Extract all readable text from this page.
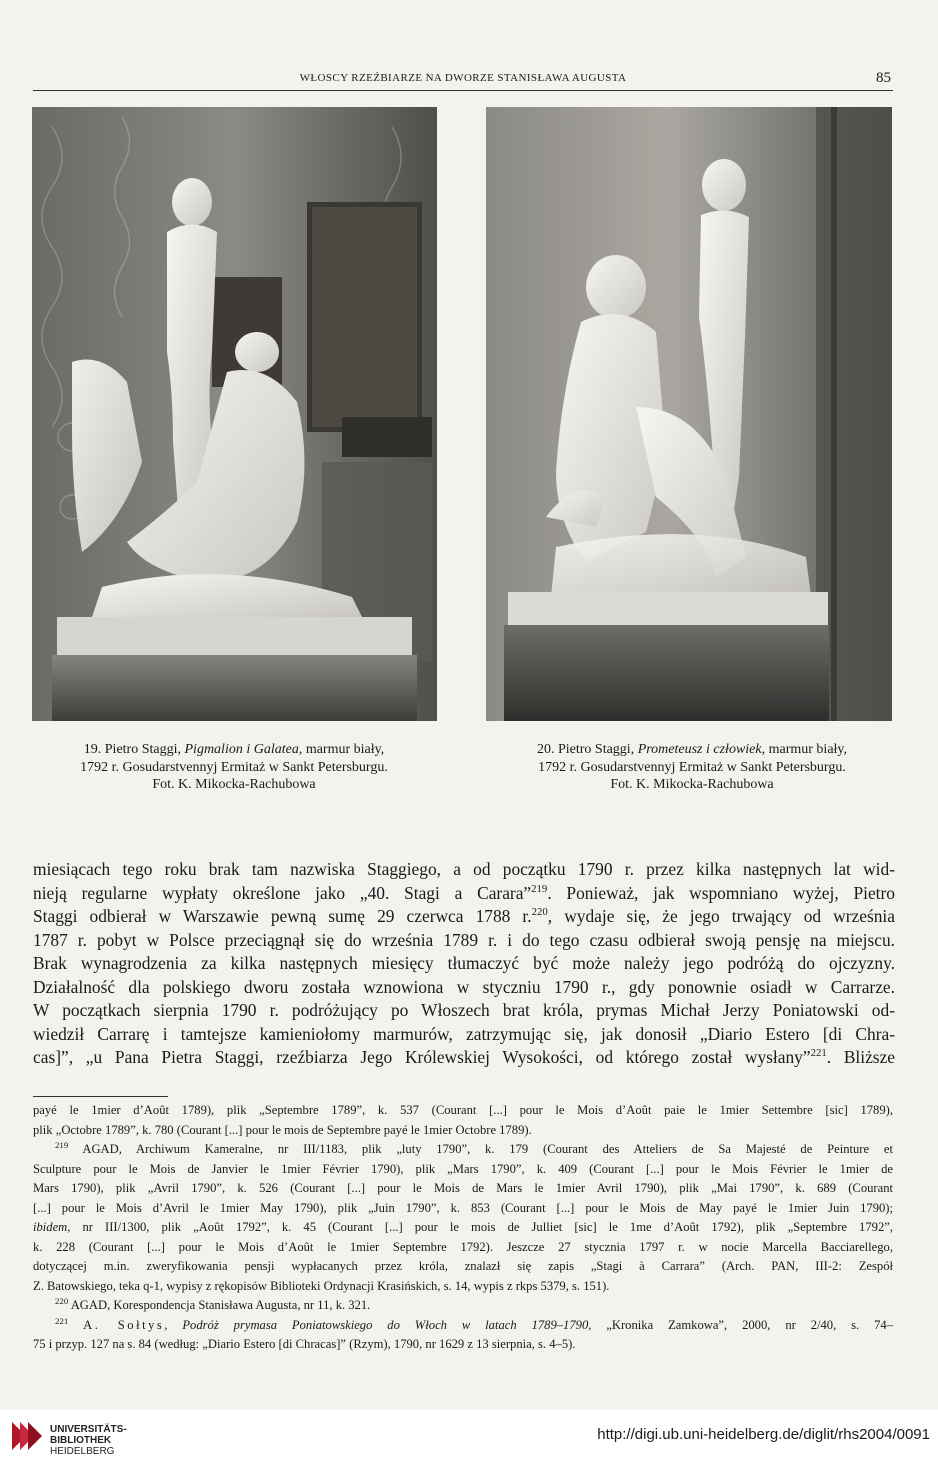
WŁOSCY RZEŹBIARZE NA DWORZE STANISŁAWA AUGUSTA	85
19. Pietro Staggi, Pigmalion i Galatea, marmur biały,
1792 r. Gosudarstvennyj Ermitaż w Sankt Petersburgu.
Fot. K. Mikocka-Rachubowa
20. Pietro Staggi, Prometeusz i człowiek, marmur biały,
1792 r. Gosudarstvennyj Ermitaż w Sankt Petersburgu.
Fot. K. Mikocka-Rachubowa
miesiącach tego roku brak tam nazwiska Staggiego, a od początku 1790 r. przez kilka następnych lat wid-
nieją regularne wypłaty określone jako „40. Stagi a Carara”$^{219}$. Ponieważ, jak wspomniano wyżej, Pietro
Staggi odbierał w Warszawie pewną sumę 29 czerwca 1788 r.$^{220}$, wydaje się, że jego trwający od września
1787 r. pobyt w Polsce przeciągnął się do września 1789 r. i do tego czasu odbierał swoją pensję na miejscu.
Brak wynagrodzenia za kilka następnych miesięcy tłumaczyć być może należy jego podróżą do ojczyzny.
Działalność dla polskiego dworu została wznowiona w styczniu 1790 r., gdy ponownie osiadł w Carrarze.
W początkach sierpnia 1790 r. podróżujący po Włoszech brat króla, prymas Michał Jerzy Poniatowski od-
wiedził Carrarę i tamtejsze kamieniołomy marmurów, zatrzymując się, jak donosił „Diario Estero [di Chra-
cas]”, „u Pana Pietra Staggi, rzeźbiarza Jego Królewskiej Wysokości, od którego został wysłany”$^{221}$. Bliższe
payé le 1mier d’Août 1789), plik „Septembre 1789”, k. 537 (Courant [...] pour le Mois d’Août paie le 1mier Settembre [sic] 1789),
plik „Octobre 1789”, k. 780 (Courant [...] pour le mois de Septembre payé le 1mier Octobre 1789).
$^{219}$ AGAD, Archiwum Kameralne, nr III/1183, plik „luty 1790”, k. 179 (Courant des Atteliers de Sa Majesté de Peinture et
Sculpture pour le Mois de Janvier le 1mier Février 1790), plik „Mars 1790”, k. 409 (Courant [...] pour le Mois Février le 1mier de
Mars 1790), plik „Avril 1790”, k. 526 (Courant [...] pour le Mois de Mars le 1mier Avril 1790), plik „Mai 1790”, k. 689 (Courant
[...] pour le Mois d’Avril le 1mier May 1790), plik „Juin 1790”, k. 853 (Courant [...] pour le Mois de May payé le 1mier Juin 1790);
ibidem, nr III/1300, plik „Août 1792”, k. 45 (Courant [...] pour le mois de Julliet [sic] le 1me d’Août 1792), plik „Septembre 1792”,
k. 228 (Courant [...] pour le Mois d’Août le 1mier Septembre 1792). Jeszcze 27 stycznia 1797 r. w nocie Marcella Bacciarellego,
dotyczącej m.in. zweryfikowania pensji wypłacanych przez króla, znalazł się zapis „Stagi à Carrara” (Arch. PAN, III-2: Zespół
Z. Batowskiego, teka q-1, wypisy z rękopisów Biblioteki Ordynacji Krasińskich, s. 14, wypis z rkps 5379, s. 151).
$^{220}$ AGAD, Korespondencja Stanisława Augusta, nr 11, k. 321.
$^{221}$ A. Sołtys, Podróż prymasa Poniatowskiego do Włoch w latach 1789–1790, „Kronika Zamkowa”, 2000, nr 2/40, s. 74–
75 i przyp. 127 na s. 84 (według: „Diario Estero [di Chracas]” (Rzym), 1790, nr 1629 z 13 sierpnia, s. 4–5).
UNIVERSITÄTS-
BIBLIOTHEK
HEIDELBERG
http://digi.ub.uni-heidelberg.de/diglit/rhs2004/0091
